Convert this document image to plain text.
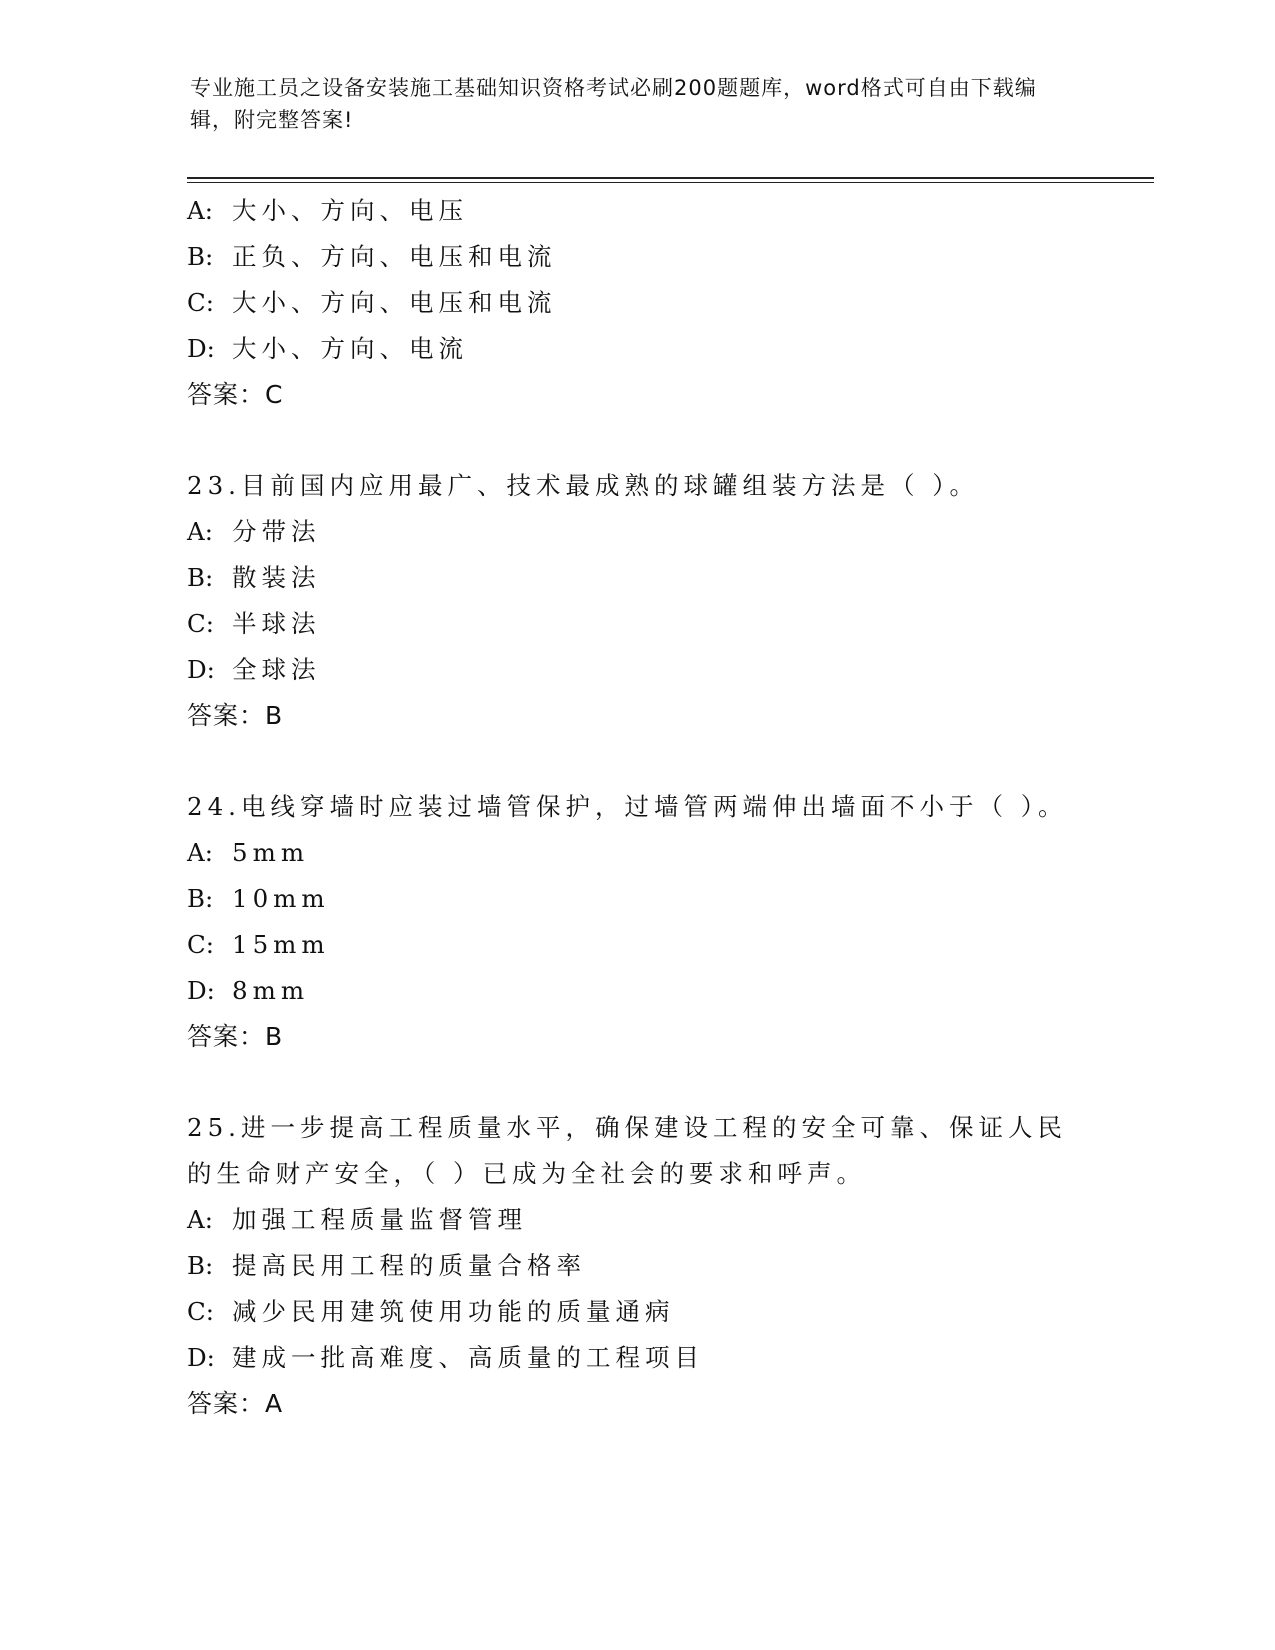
专业施工员之设备安装施工基础知识资格考试必刷200题题库，word格式可自由下载编辑，附完整答案!
A: 大小、方向、电压
B: 正负、方向、电压和电流
C: 大小、方向、电压和电流
D: 大小、方向、电流
答案：C
23.目前国内应用最广、技术最成熟的球罐组装方法是（ ）。
A: 分带法
B: 散装法
C: 半球法
D: 全球法
答案：B
24.电线穿墙时应装过墙管保护，过墙管两端伸出墙面不小于（ ）。
A: 5mm
B: 10mm
C: 15mm
D: 8mm
答案：B
25.进一步提高工程质量水平，确保建设工程的安全可靠、保证人民的生命财产安全，（ ）已成为全社会的要求和呼声。
A: 加强工程质量监督管理
B: 提高民用工程的质量合格率
C: 减少民用建筑使用功能的质量通病
D: 建成一批高难度、高质量的工程项目
答案：A
